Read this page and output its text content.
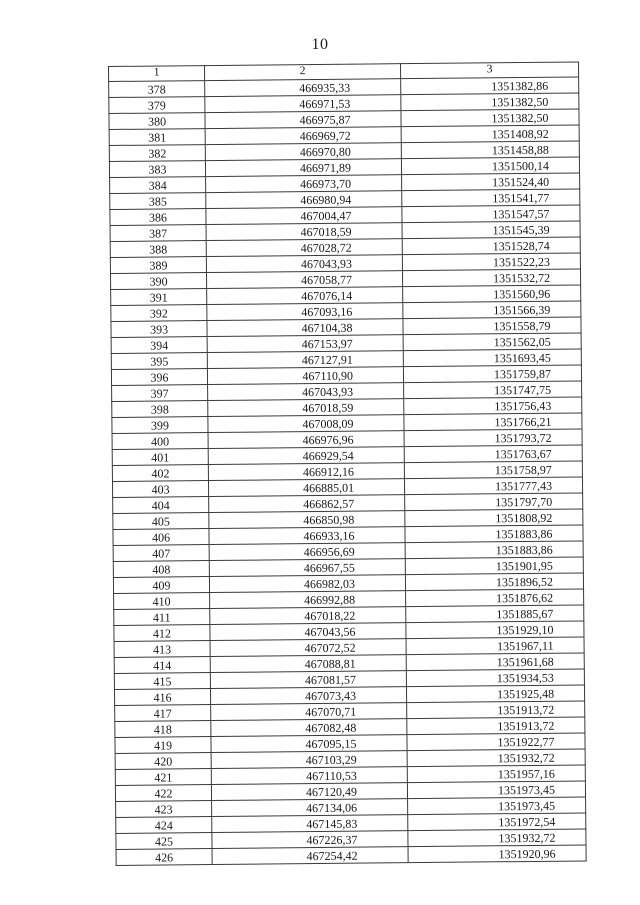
10
1	2	3
378	466935,33	1351382,86
379	466971,53	1351382,50
380	466975,87	1351382,50
381	466969,72	1351408,92
382	466970,80	1351458,88
383	466971,89	1351500,14
384	466973,70	1351524,40
385	466980,94	1351541,77
386	467004,47	1351547,57
387	467018,59	1351545,39
388	467028,72	1351528,74
389	467043,93	1351522,23
390	467058,77	1351532,72
391	467076,14	1351560,96
392	467093,16	1351566,39
393	467104,38	1351558,79
394	467153,97	1351562,05
395	467127,91	1351693,45
396	467110,90	1351759,87
397	467043,93	1351747,75
398	467018,59	1351756,43
399	467008,09	1351766,21
400	466976,96	1351793,72
401	466929,54	1351763,67
402	466912,16	1351758,97
403	466885,01	1351777,43
404	466862,57	1351797,70
405	466850,98	1351808,92
406	466933,16	1351883,86
407	466956,69	1351883,86
408	466967,55	1351901,95
409	466982,03	1351896,52
410	466992,88	1351876,62
411	467018,22	1351885,67
412	467043,56	1351929,10
413	467072,52	1351967,11
414	467088,81	1351961,68
415	467081,57	1351934,53
416	467073,43	1351925,48
417	467070,71	1351913,72
418	467082,48	1351913,72
419	467095,15	1351922,77
420	467103,29	1351932,72
421	467110,53	1351957,16
422	467120,49	1351973,45
423	467134,06	1351973,45
424	467145,83	1351972,54
425	467226,37	1351932,72
426	467254,42	1351920,96
